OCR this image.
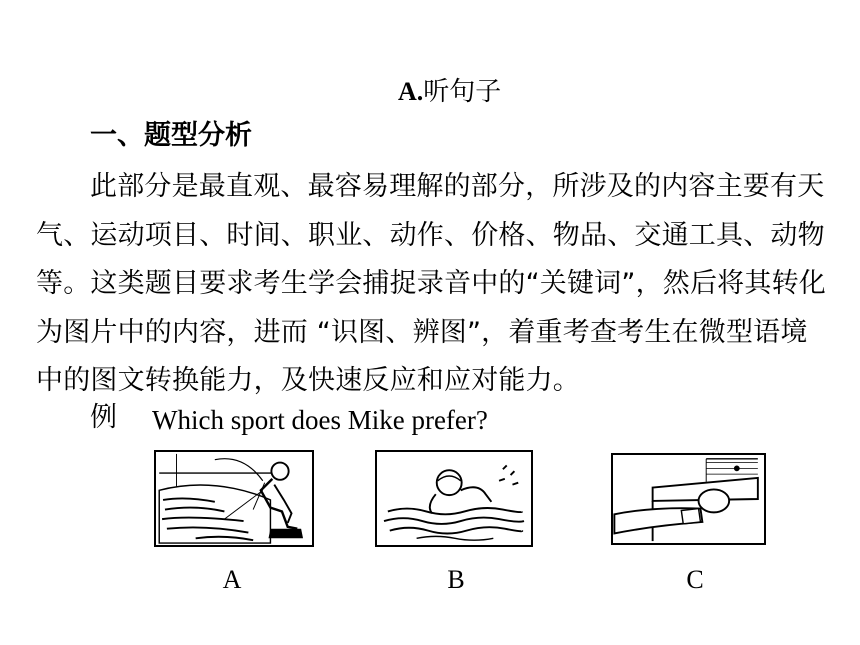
A.听句子
一、题型分析
此部分是最直观、最容易理解的部分，所涉及的内容主要有天气、运动项目、时间、职业、动作、价格、物品、交通工具、动物等。这类题目要求考生学会捕捉录音中的“关键词”，然后将其转化为图片中的内容，进而 “识图、辨图”，着重考查考生在微型语境中的图文转换能力，及快速反应和应对能力。
例 Which sport does Mike prefer?
A	B	C
